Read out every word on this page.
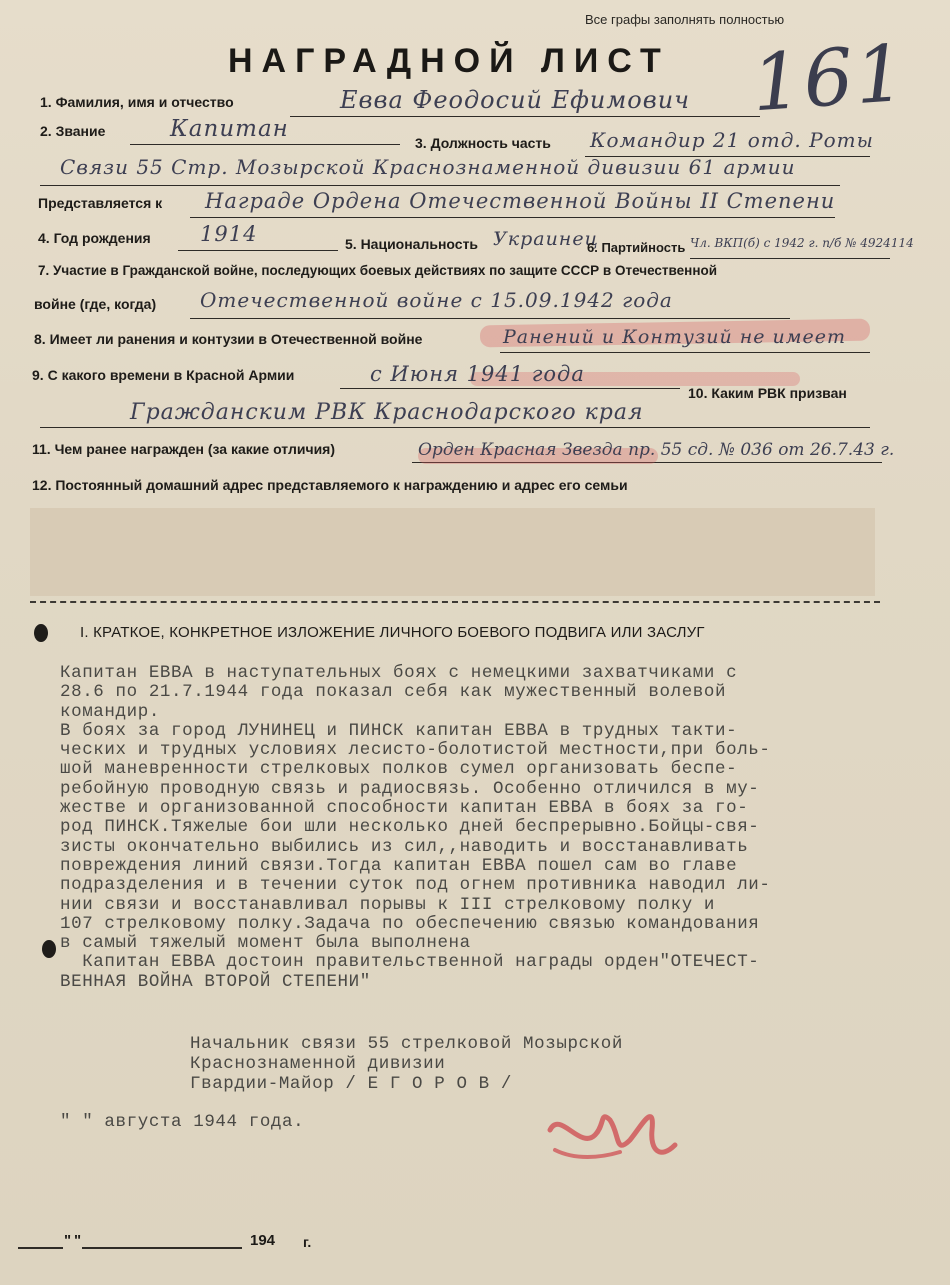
Все графы заполнять полностью
НАГРАДНОЙ ЛИСТ 161
1. Фамилия, имя и отчество	Евва Феодосий Ефимович
2. Звание	Капитан
3. Должность часть Командир 21 отд. Роты
Связи 55 Стр. Мозырской Краснознаменной дивизии 61 армии
Представляется к Награде Ордена Отечественной Войны II Степени
4. Год рождения 1914	5. Национальность Украинец
6. Партийность Чл. ВКП(б) с 1942 г. п/б № 4924114
7. Участие в Гражданской войне, последующих боевых действиях по защите СССР в Отечественной
войне (где, когда) Отечественной войне с 15.09.1942 года
8. Имеет ли ранения и контузии в Отечественной войне	Ранений и Контузий не имеет
9. С какого времени в Красной Армии	с Июня 1941 года
10. Каким РВК призван
Гражданским РВК Краснодарского края
11. Чем ранее награжден (за какие отличия)	Орден Красная Звезда пр. 55 сд. № 036 от 26.7.43 г.
12. Постоянный домашний адрес представляемого к награждению и адрес его семьи
I. КРАТКОЕ, КОНКРЕТНОЕ ИЗЛОЖЕНИЕ ЛИЧНОГО БОЕВОГО ПОДВИГА ИЛИ ЗАСЛУГ
Капитан ЕВВА в наступательных боях с немецкими захватчиками с
28.6 по 21.7.1944 года показал себя как мужественный волевой
командир.
В боях за город ЛУНИНЕЦ и ПИНСК капитан ЕВВА в трудных такти-
ческих и трудных условиях лесисто-болотистой местности,при боль-
шой маневренности стрелковых полков сумел организовать беспе-
ребойную проводную связь и радиосвязь. Особенно отличился в му-
жестве и организованной способности капитан ЕВВА в боях за го-
род ПИНСК.Тяжелые бои шли несколько дней беспрерывно.Бойцы-свя-
зисты окончательно выбились из сил,,наводить и восстанавливать
повреждения линий связи.Тогда капитан ЕВВА пошел сам во главе
подразделения и в течении суток под огнем противника наводил ли-
нии связи и восстанавливал порывы к III стрелковому полку и
107 стрелковому полку.Задача по обеспечению связью командования
в самый тяжелый момент была выполнена
Капитан ЕВВА достоин правительственной награды орден"ОТЕЧЕСТ-
ВЕННАЯ ВОЙНА ВТОРОЙ СТЕПЕНИ"
Начальник связи 55 стрелковой Мозырской
Краснознаменной дивизии
Гвардии-Майор / Е Г О Р О В /
" " августа 1944 года.
" "	194 г.
